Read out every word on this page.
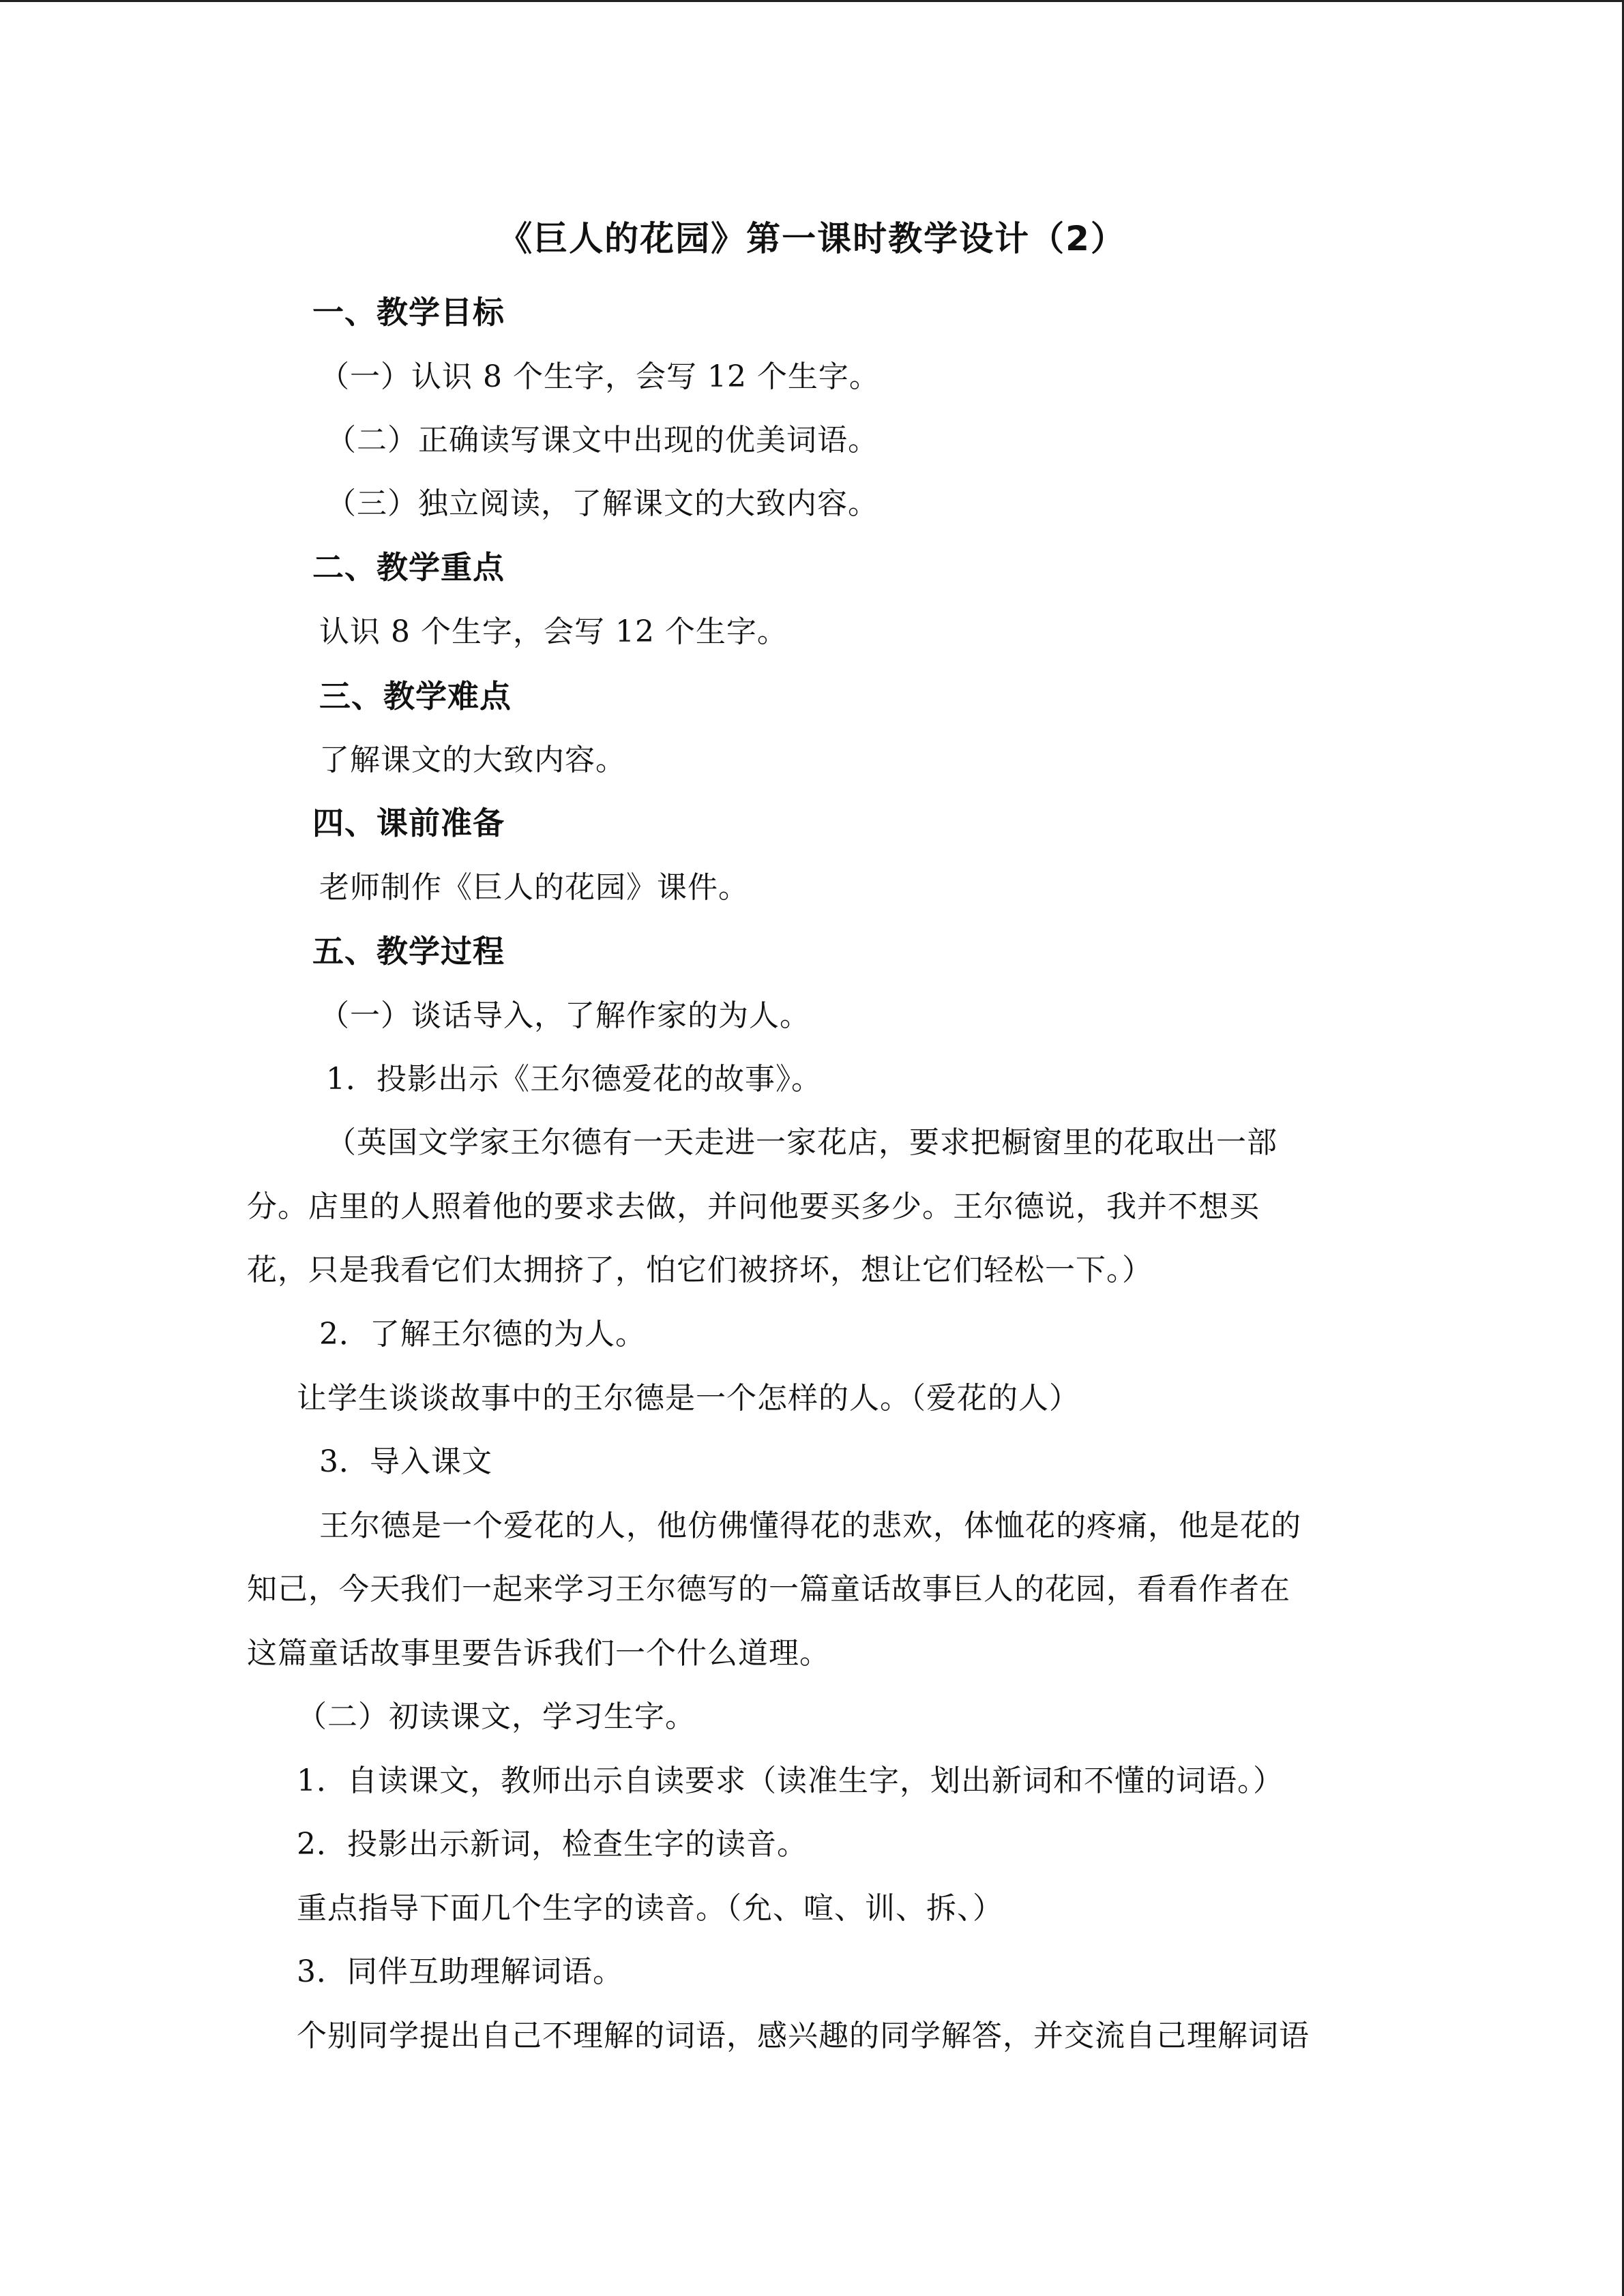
《巨人的花园》第一课时教学设计（2）
一、教学目标
（一）认识 8 个生字，会写 12 个生字。
（二）正确读写课文中出现的优美词语。
（三）独立阅读，了解课文的大致内容。
二、教学重点
认识 8 个生字，会写 12 个生字。
三、教学难点
了解课文的大致内容。
四、课前准备
老师制作《巨人的花园》课件。
五、教学过程
（一）谈话导入，了解作家的为人。
1．投影出示《王尔德爱花的故事》。
（英国文学家王尔德有一天走进一家花店，要求把橱窗里的花取出一部
分。店里的人照着他的要求去做，并问他要买多少。王尔德说，我并不想买
花，只是我看它们太拥挤了，怕它们被挤坏，想让它们轻松一下。）
2．了解王尔德的为人。
让学生谈谈故事中的王尔德是一个怎样的人。（爱花的人）
3．导入课文
王尔德是一个爱花的人，他仿佛懂得花的悲欢，体恤花的疼痛，他是花的
知己，今天我们一起来学习王尔德写的一篇童话故事巨人的花园，看看作者在
这篇童话故事里要告诉我们一个什么道理。
（二）初读课文，学习生字。
1．自读课文，教师出示自读要求（读准生字，划出新词和不懂的词语。）
2．投影出示新词，检查生字的读音。
重点指导下面几个生字的读音。（允、喧、训、拆、）
3．同伴互助理解词语。
个别同学提出自己不理解的词语，感兴趣的同学解答，并交流自己理解词语
